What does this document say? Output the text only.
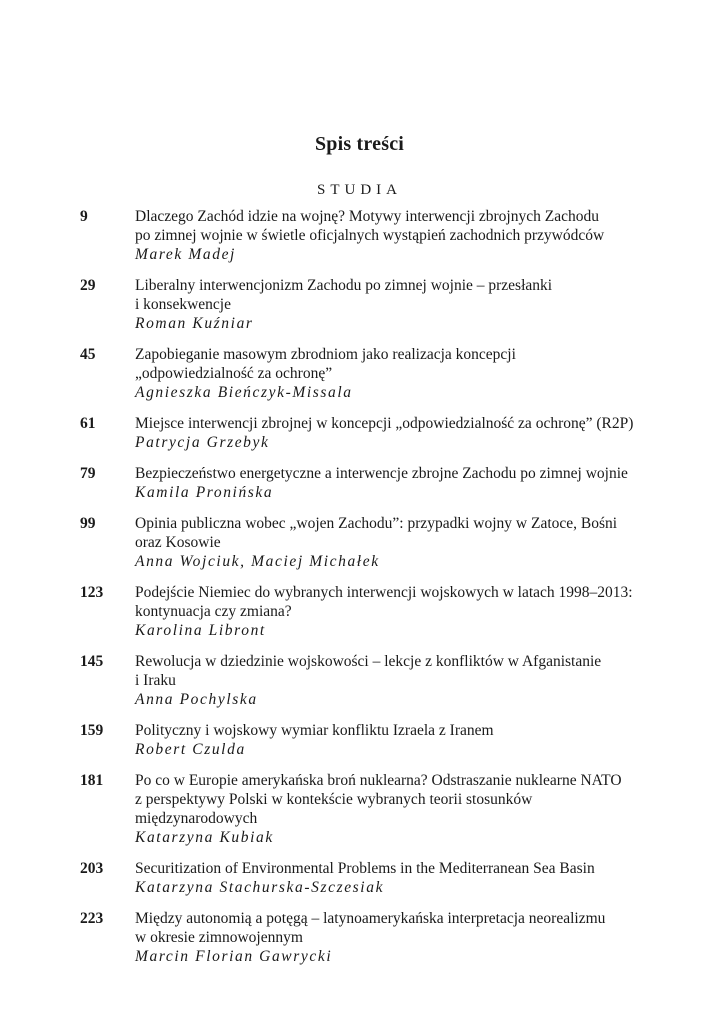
Spis treści
STUDIA
9	Dlaczego Zachód idzie na wojnę? Motywy interwencji zbrojnych Zachodu
po zimnej wojnie w świetle oficjalnych wystąpień zachodnich przywódców
Marek Madej
29	Liberalny interwencjonizm Zachodu po zimnej wojnie – przesłanki
i konsekwencje
Roman Kuźniar
45	Zapobieganie masowym zbrodniom jako realizacja koncepcji
„odpowiedzialność za ochronę”
Agnieszka Bieńczyk-Missala
61	Miejsce interwencji zbrojnej w koncepcji „odpowiedzialność za ochronę” (R2P)
Patrycja Grzebyk
79	Bezpieczeństwo energetyczne a interwencje zbrojne Zachodu po zimnej wojnie
Kamila Pronińska
99	Opinia publiczna wobec „wojen Zachodu”: przypadki wojny w Zatoce, Bośni
oraz Kosowie
Anna Wojciuk, Maciej Michałek
123 Podejście Niemiec do wybranych interwencji wojskowych w latach 1998–2013:
kontynuacja czy zmiana?
Karolina Libront
145 Rewolucja w dziedzinie wojskowości – lekcje z konfliktów w Afganistanie
i Iraku
Anna Pochylska
159 Polityczny i wojskowy wymiar konfliktu Izraela z Iranem
Robert Czulda
181 Po co w Europie amerykańska broń nuklearna? Odstraszanie nuklearne NATO
z perspektywy Polski w kontekście wybranych teorii stosunków
międzynarodowych
Katarzyna Kubiak
203 Securitization of Environmental Problems in the Mediterranean Sea Basin
Katarzyna Stachurska-Szczesiak
223 Między autonomią a potęgą – latynoamerykańska interpretacja neorealizmu
w okresie zimnowojennym
Marcin Florian Gawrycki
